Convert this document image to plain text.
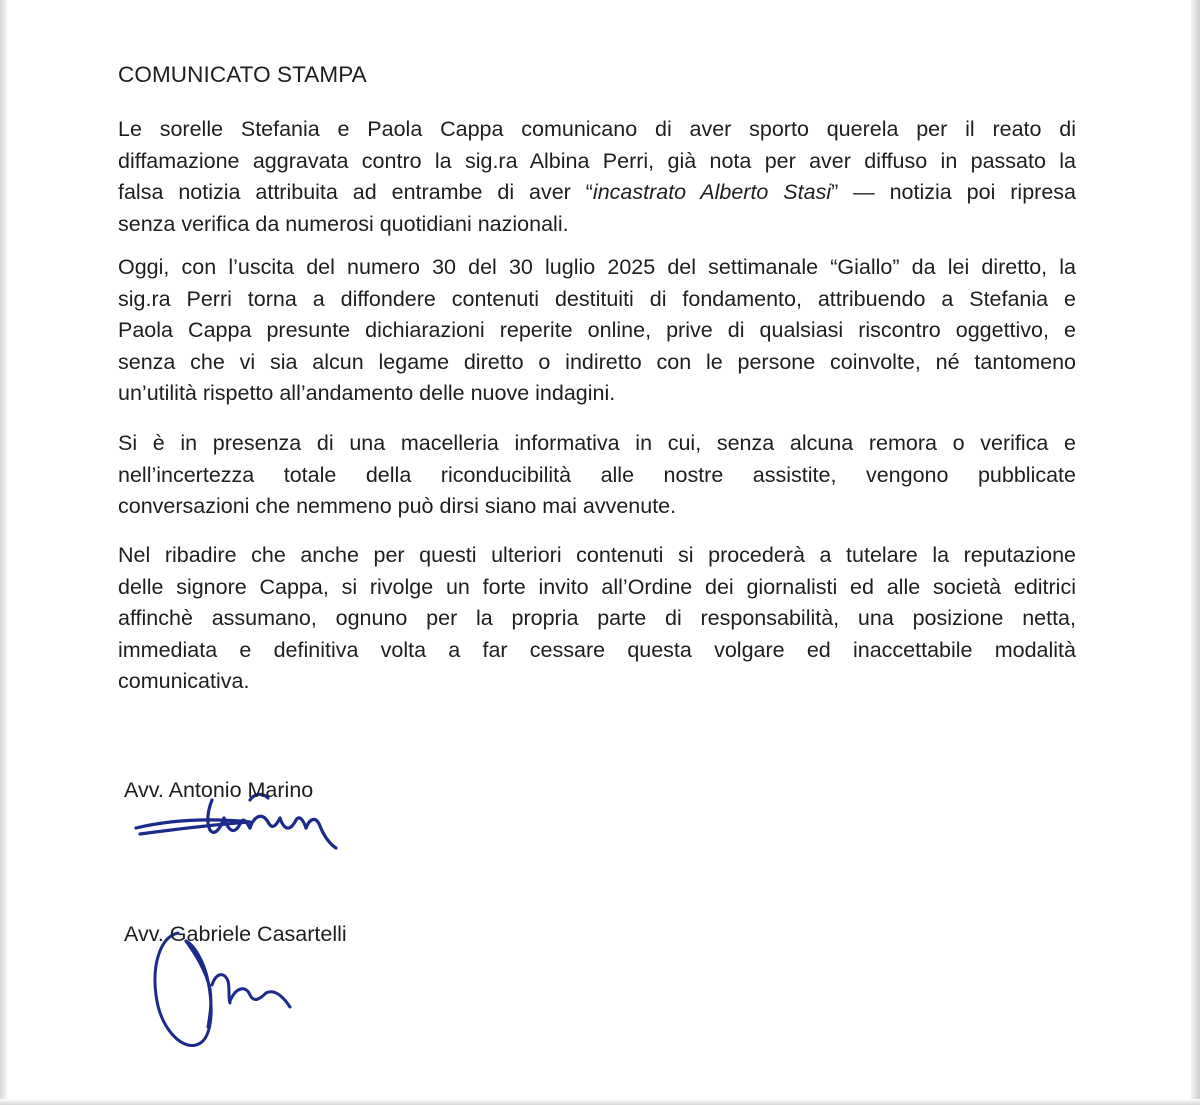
COMUNICATO STAMPA

Le sorelle Stefania e Paola Cappa comunicano di aver sporto querela per il reato di
diffamazione aggravata contro la sig.ra Albina Perri, già nota per aver diffuso in passato la
falsa notizia attribuita ad entrambe di aver “incastrato Alberto Stasi” — notizia poi ripresa
senza verifica da numerosi quotidiani nazionali.

Oggi, con l’uscita del numero 30 del 30 luglio 2025 del settimanale “Giallo” da lei diretto, la
sig.ra Perri torna a diffondere contenuti destituiti di fondamento, attribuendo a Stefania e
Paola Cappa presunte dichiarazioni reperite online, prive di qualsiasi riscontro oggettivo, e
senza che vi sia alcun legame diretto o indiretto con le persone coinvolte, né tantomeno
un’utilità rispetto all’andamento delle nuove indagini.

Si è in presenza di una macelleria informativa in cui, senza alcuna remora o verifica e
nell’incertezza totale della riconducibilità alle nostre assistite, vengono pubblicate
conversazioni che nemmeno può dirsi siano mai avvenute.

Nel ribadire che anche per questi ulteriori contenuti si procederà a tutelare la reputazione
delle signore Cappa, si rivolge un forte invito all’Ordine dei giornalisti ed alle società editrici
affinchè assumano, ognuno per la propria parte di responsabilità, una posizione netta,
immediata e definitiva volta a far cessare questa volgare ed inaccettabile modalità
comunicativa.

Avv. Antonio Marino

Avv. Gabriele Casartelli
